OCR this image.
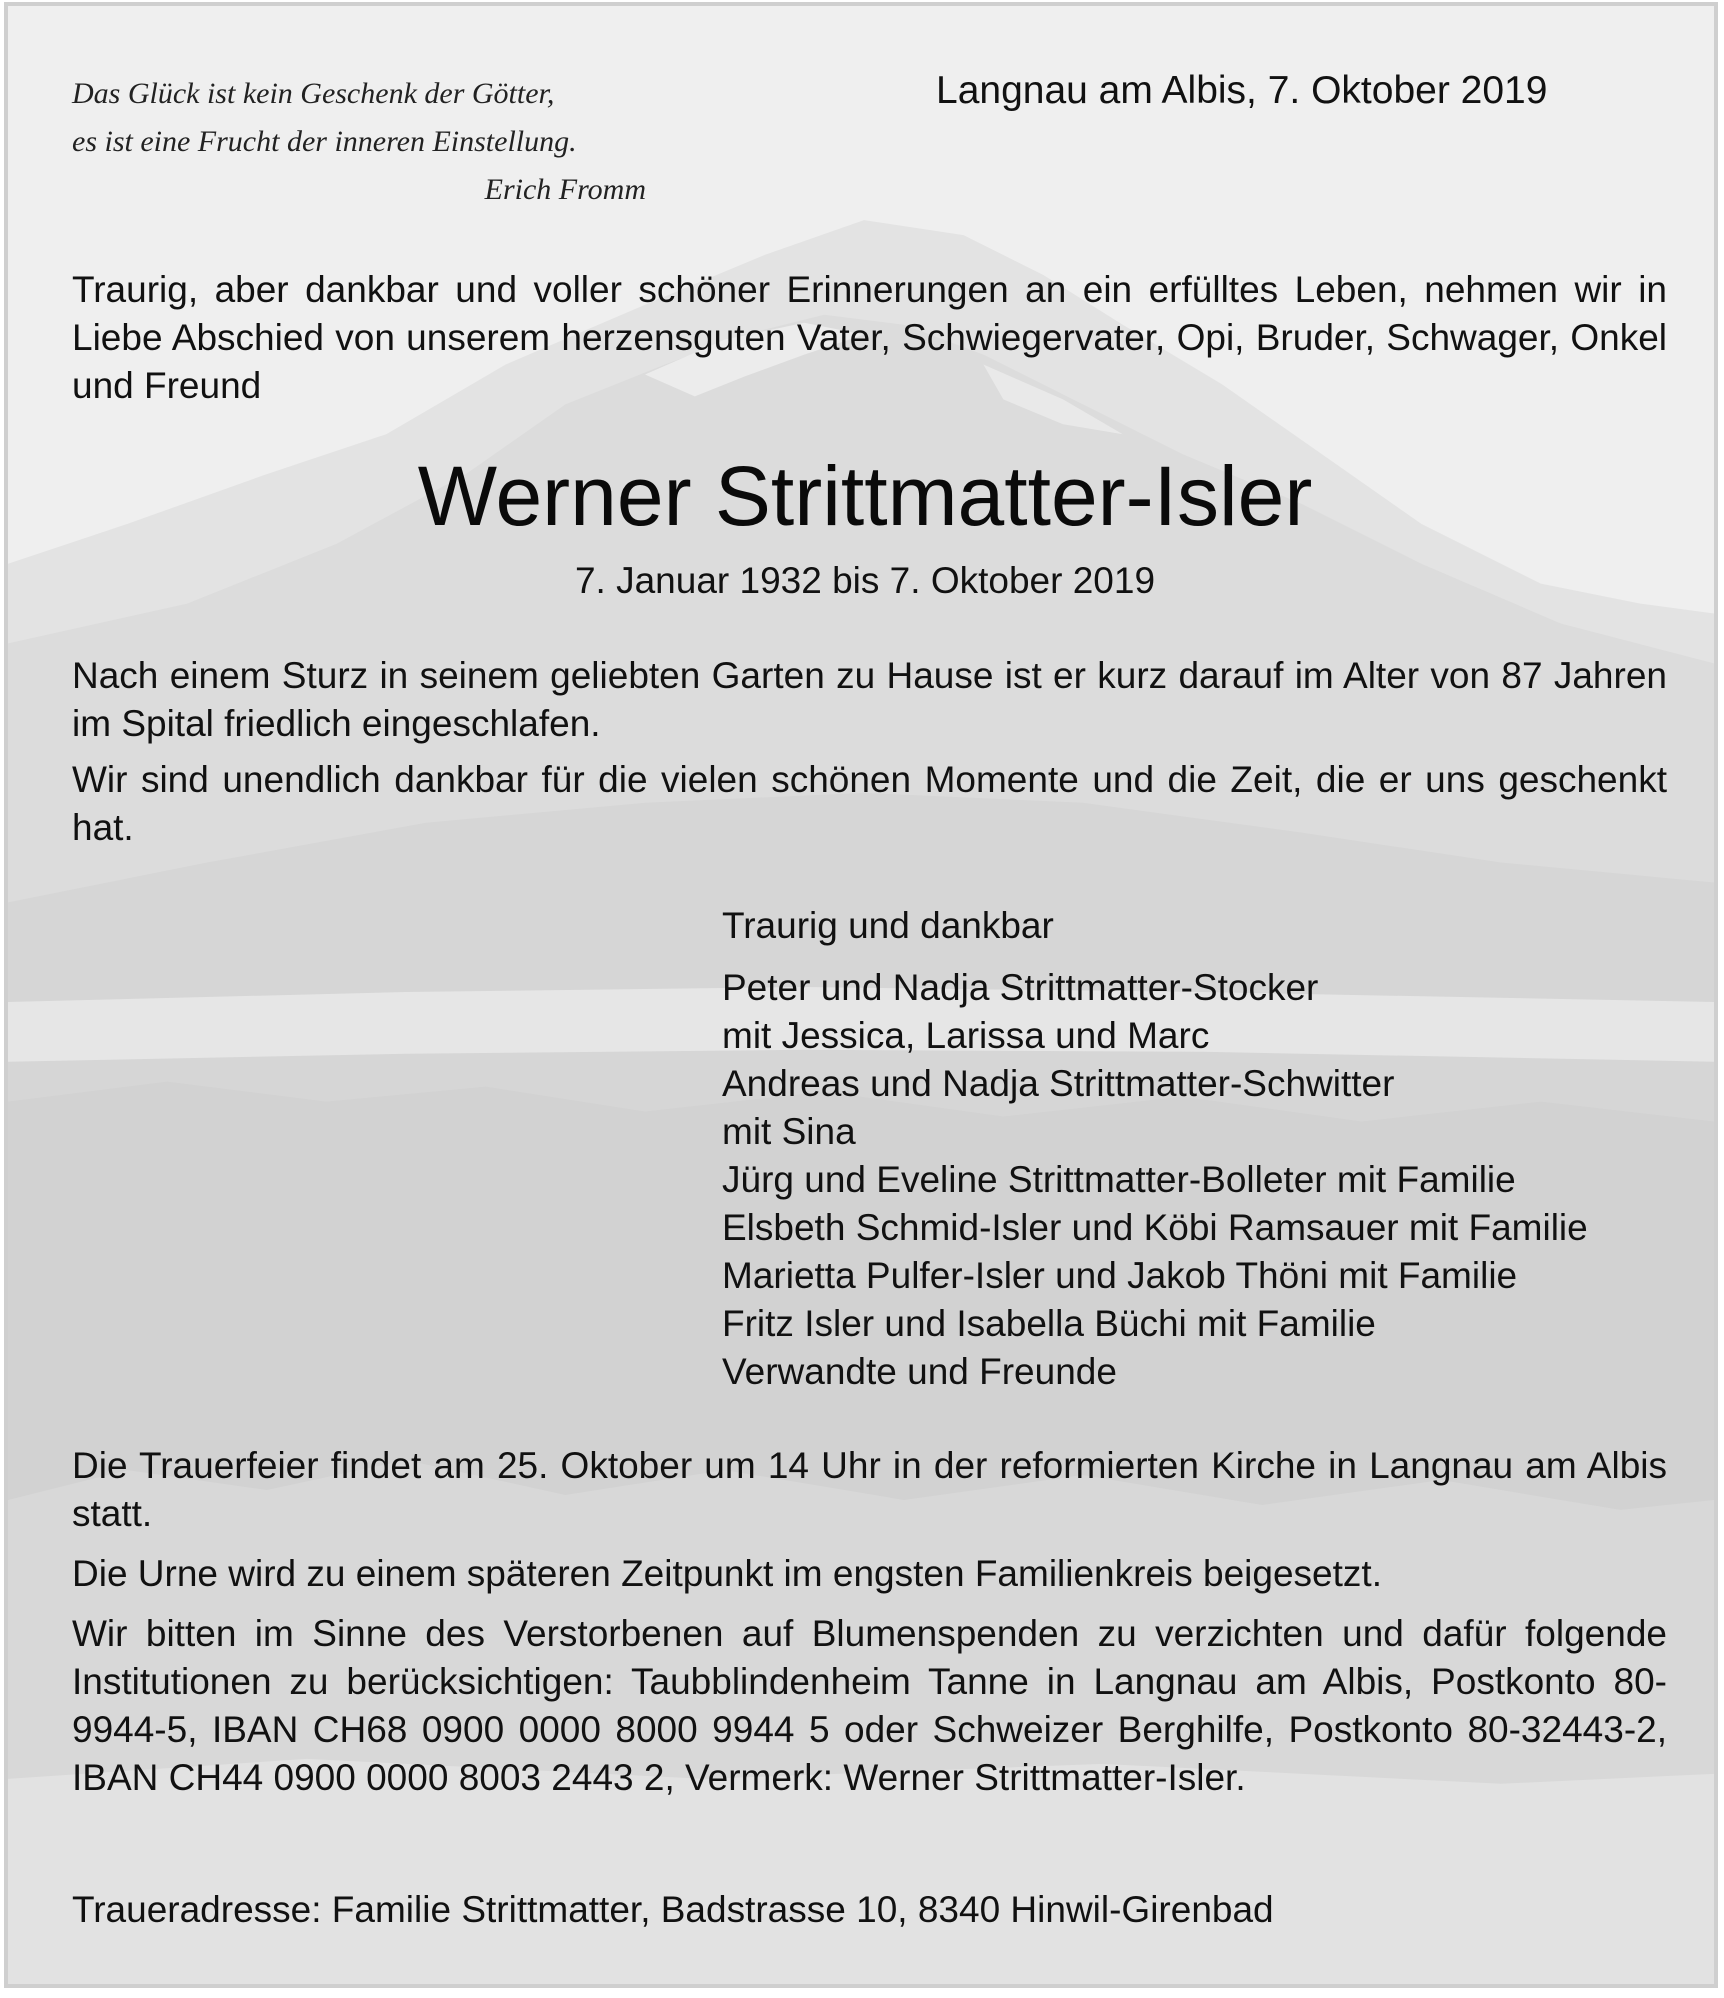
Das Glück ist kein Geschenk der Götter,
es ist eine Frucht der inneren Einstellung.

Erich Fromm
Langnau am Albis, 7. Oktober 2019
Traurig, aber dankbar und voller schöner Erinnerungen an ein erfülltes Leben, nehmen wir in Liebe Abschied von unserem herzensguten Vater, Schwiegervater, Opi, Bruder, Schwager, Onkel und Freund
Werner Strittmatter-Isler
7. Januar 1932 bis 7. Oktober 2019
Nach einem Sturz in seinem geliebten Garten zu Hause ist er kurz darauf im Alter von 87 Jahren im Spital friedlich eingeschlafen.
Wir sind unendlich dankbar für die vielen schönen Momente und die Zeit, die er uns geschenkt hat.
Traurig und dankbar
Peter und Nadja Strittmatter-Stocker
mit Jessica, Larissa und Marc
Andreas und Nadja Strittmatter-Schwitter
mit Sina
Jürg und Eveline Strittmatter-Bolleter mit Familie
Elsbeth Schmid-Isler und Köbi Ramsauer mit Familie
Marietta Pulfer-Isler und Jakob Thöni mit Familie
Fritz Isler und Isabella Büchi mit Familie
Verwandte und Freunde
Die Trauerfeier findet am 25. Oktober um 14 Uhr in der reformierten Kirche in Langnau am Albis statt.
Die Urne wird zu einem späteren Zeitpunkt im engsten Familienkreis beigesetzt.
Wir bitten im Sinne des Verstorbenen auf Blumenspenden zu verzichten und dafür folgende Institutionen zu berücksichtigen: Taubblindenheim Tanne in Langnau am Albis, Postkonto 80-9944-5, IBAN CH68 0900 0000 8000 9944 5 oder Schweizer Berghilfe, Postkonto 80-32443-2, IBAN CH44 0900 0000 8003 2443 2, Vermerk: Werner Strittmatter-Isler.
Traueradresse: Familie Strittmatter, Badstrasse 10, 8340 Hinwil-Girenbad
